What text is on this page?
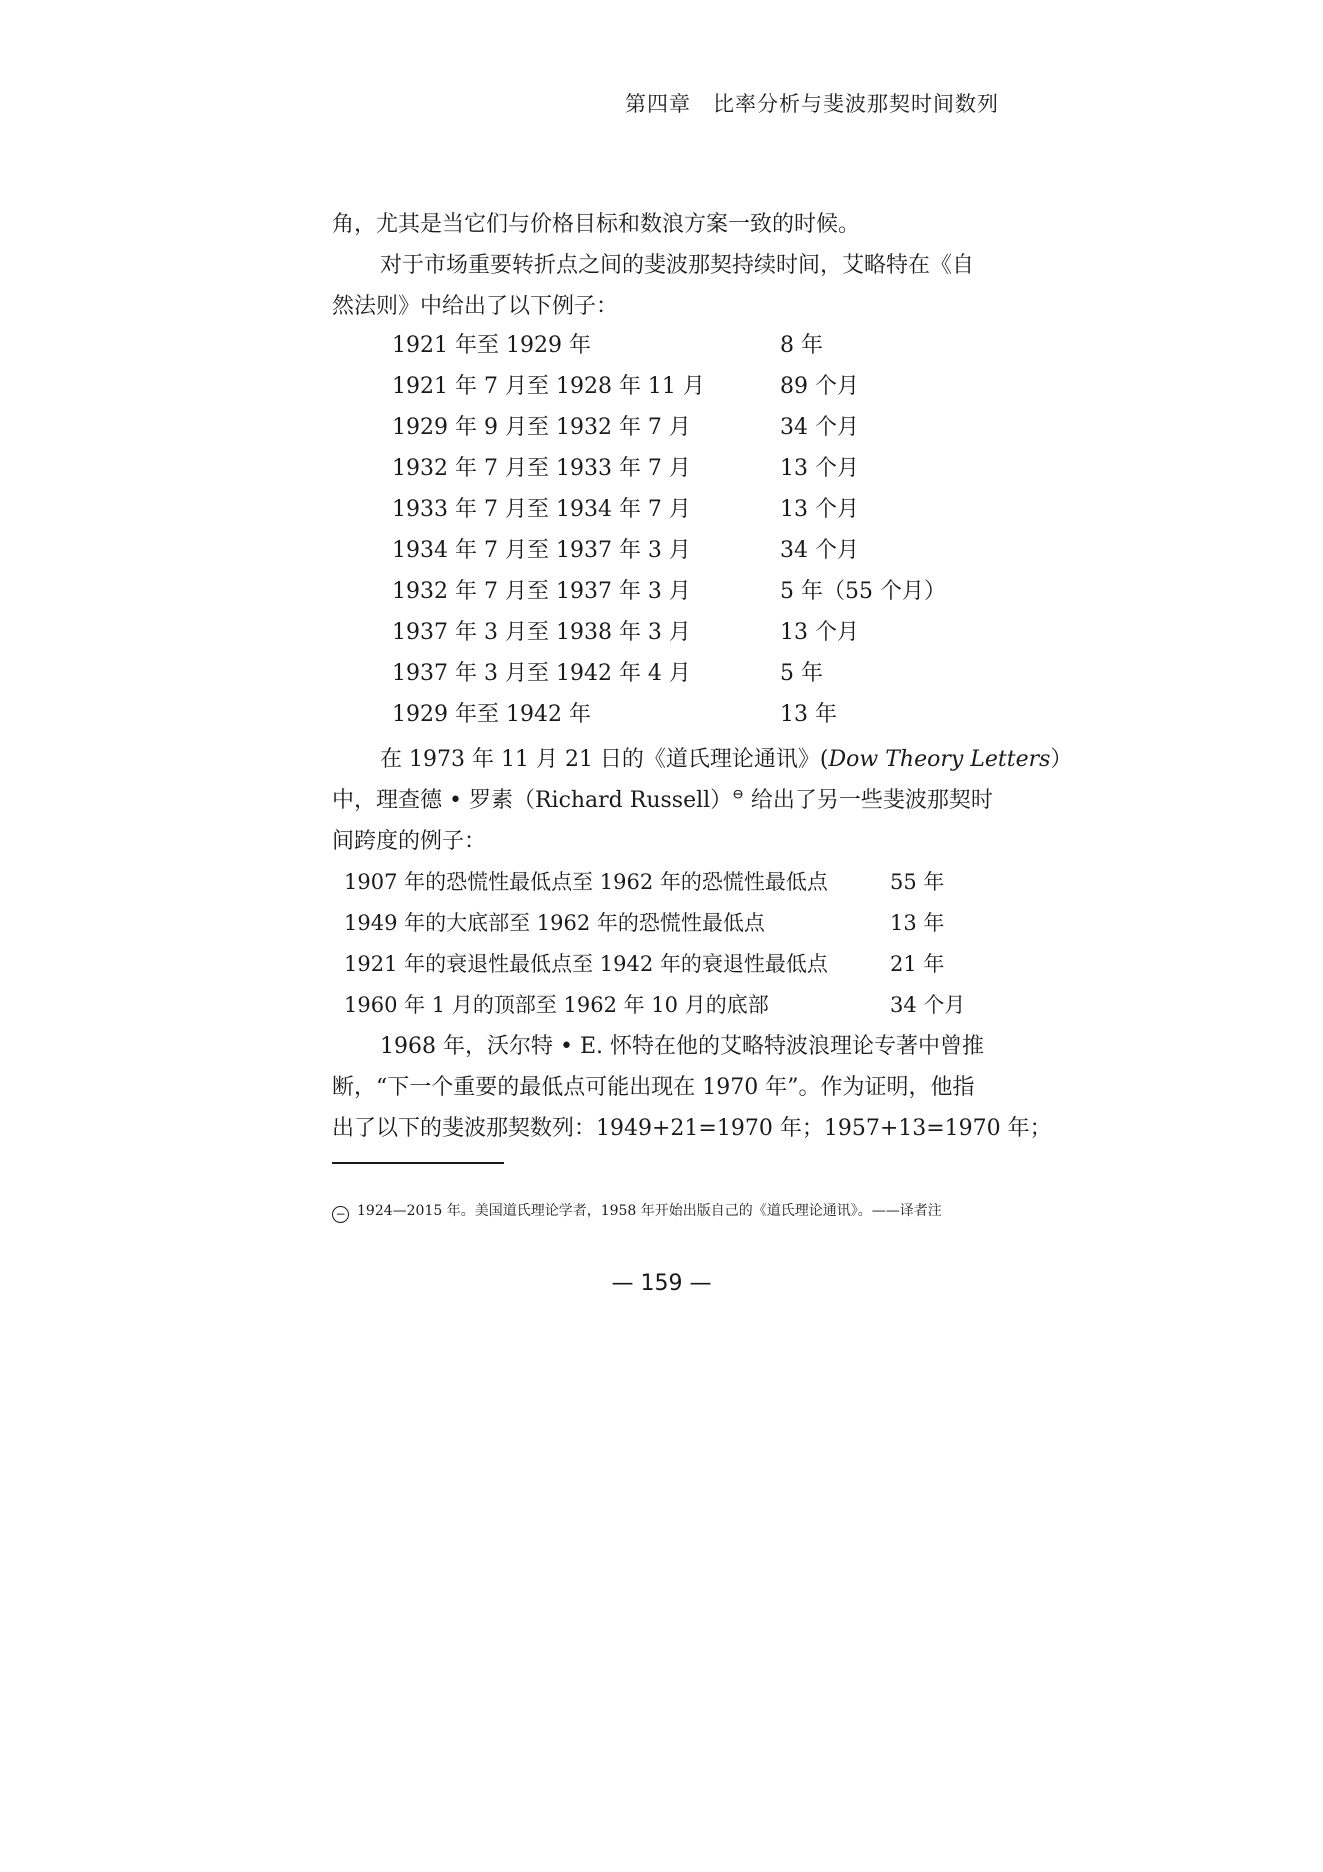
第四章　比率分析与斐波那契时间数列

角，尤其是当它们与价格目标和数浪方案一致的时候。

对于市场重要转折点之间的斐波那契持续时间，艾略特在《自

然法则》中给出了以下例子：

1921 年至 1929 年	8 年
1921 年 7 月至 1928 年 11 月	89 个月
1929 年 9 月至 1932 年 7 月	34 个月
1932 年 7 月至 1933 年 7 月	13 个月
1933 年 7 月至 1934 年 7 月	13 个月
1934 年 7 月至 1937 年 3 月	34 个月
1932 年 7 月至 1937 年 3 月	5 年（55 个月）
1937 年 3 月至 1938 年 3 月	13 个月
1937 年 3 月至 1942 年 4 月	5 年
1929 年至 1942 年	13 年

在 1973 年 11 月 21 日的《道氏理论通讯》(Dow Theory Letters）

中，理查德 • 罗素（Richard Russell）⊖ 给出了另一些斐波那契时

间跨度的例子：

1907 年的恐慌性最低点至 1962 年的恐慌性最低点	55 年
1949 年的大底部至 1962 年的恐慌性最低点	13 年
1921 年的衰退性最低点至 1942 年的衰退性最低点	21 年
1960 年 1 月的顶部至 1962 年 10 月的底部	34 个月

1968 年，沃尔特 • E. 怀特在他的艾略特波浪理论专著中曾推

断，“下一个重要的最低点可能出现在 1970 年”。作为证明，他指

出了以下的斐波那契数列：1949+21=1970 年；1957+13=1970 年；

− 1924—2015 年。美国道氏理论学者，1958 年开始出版自己的《道氏理论通讯》。——译者注
— 159 —
